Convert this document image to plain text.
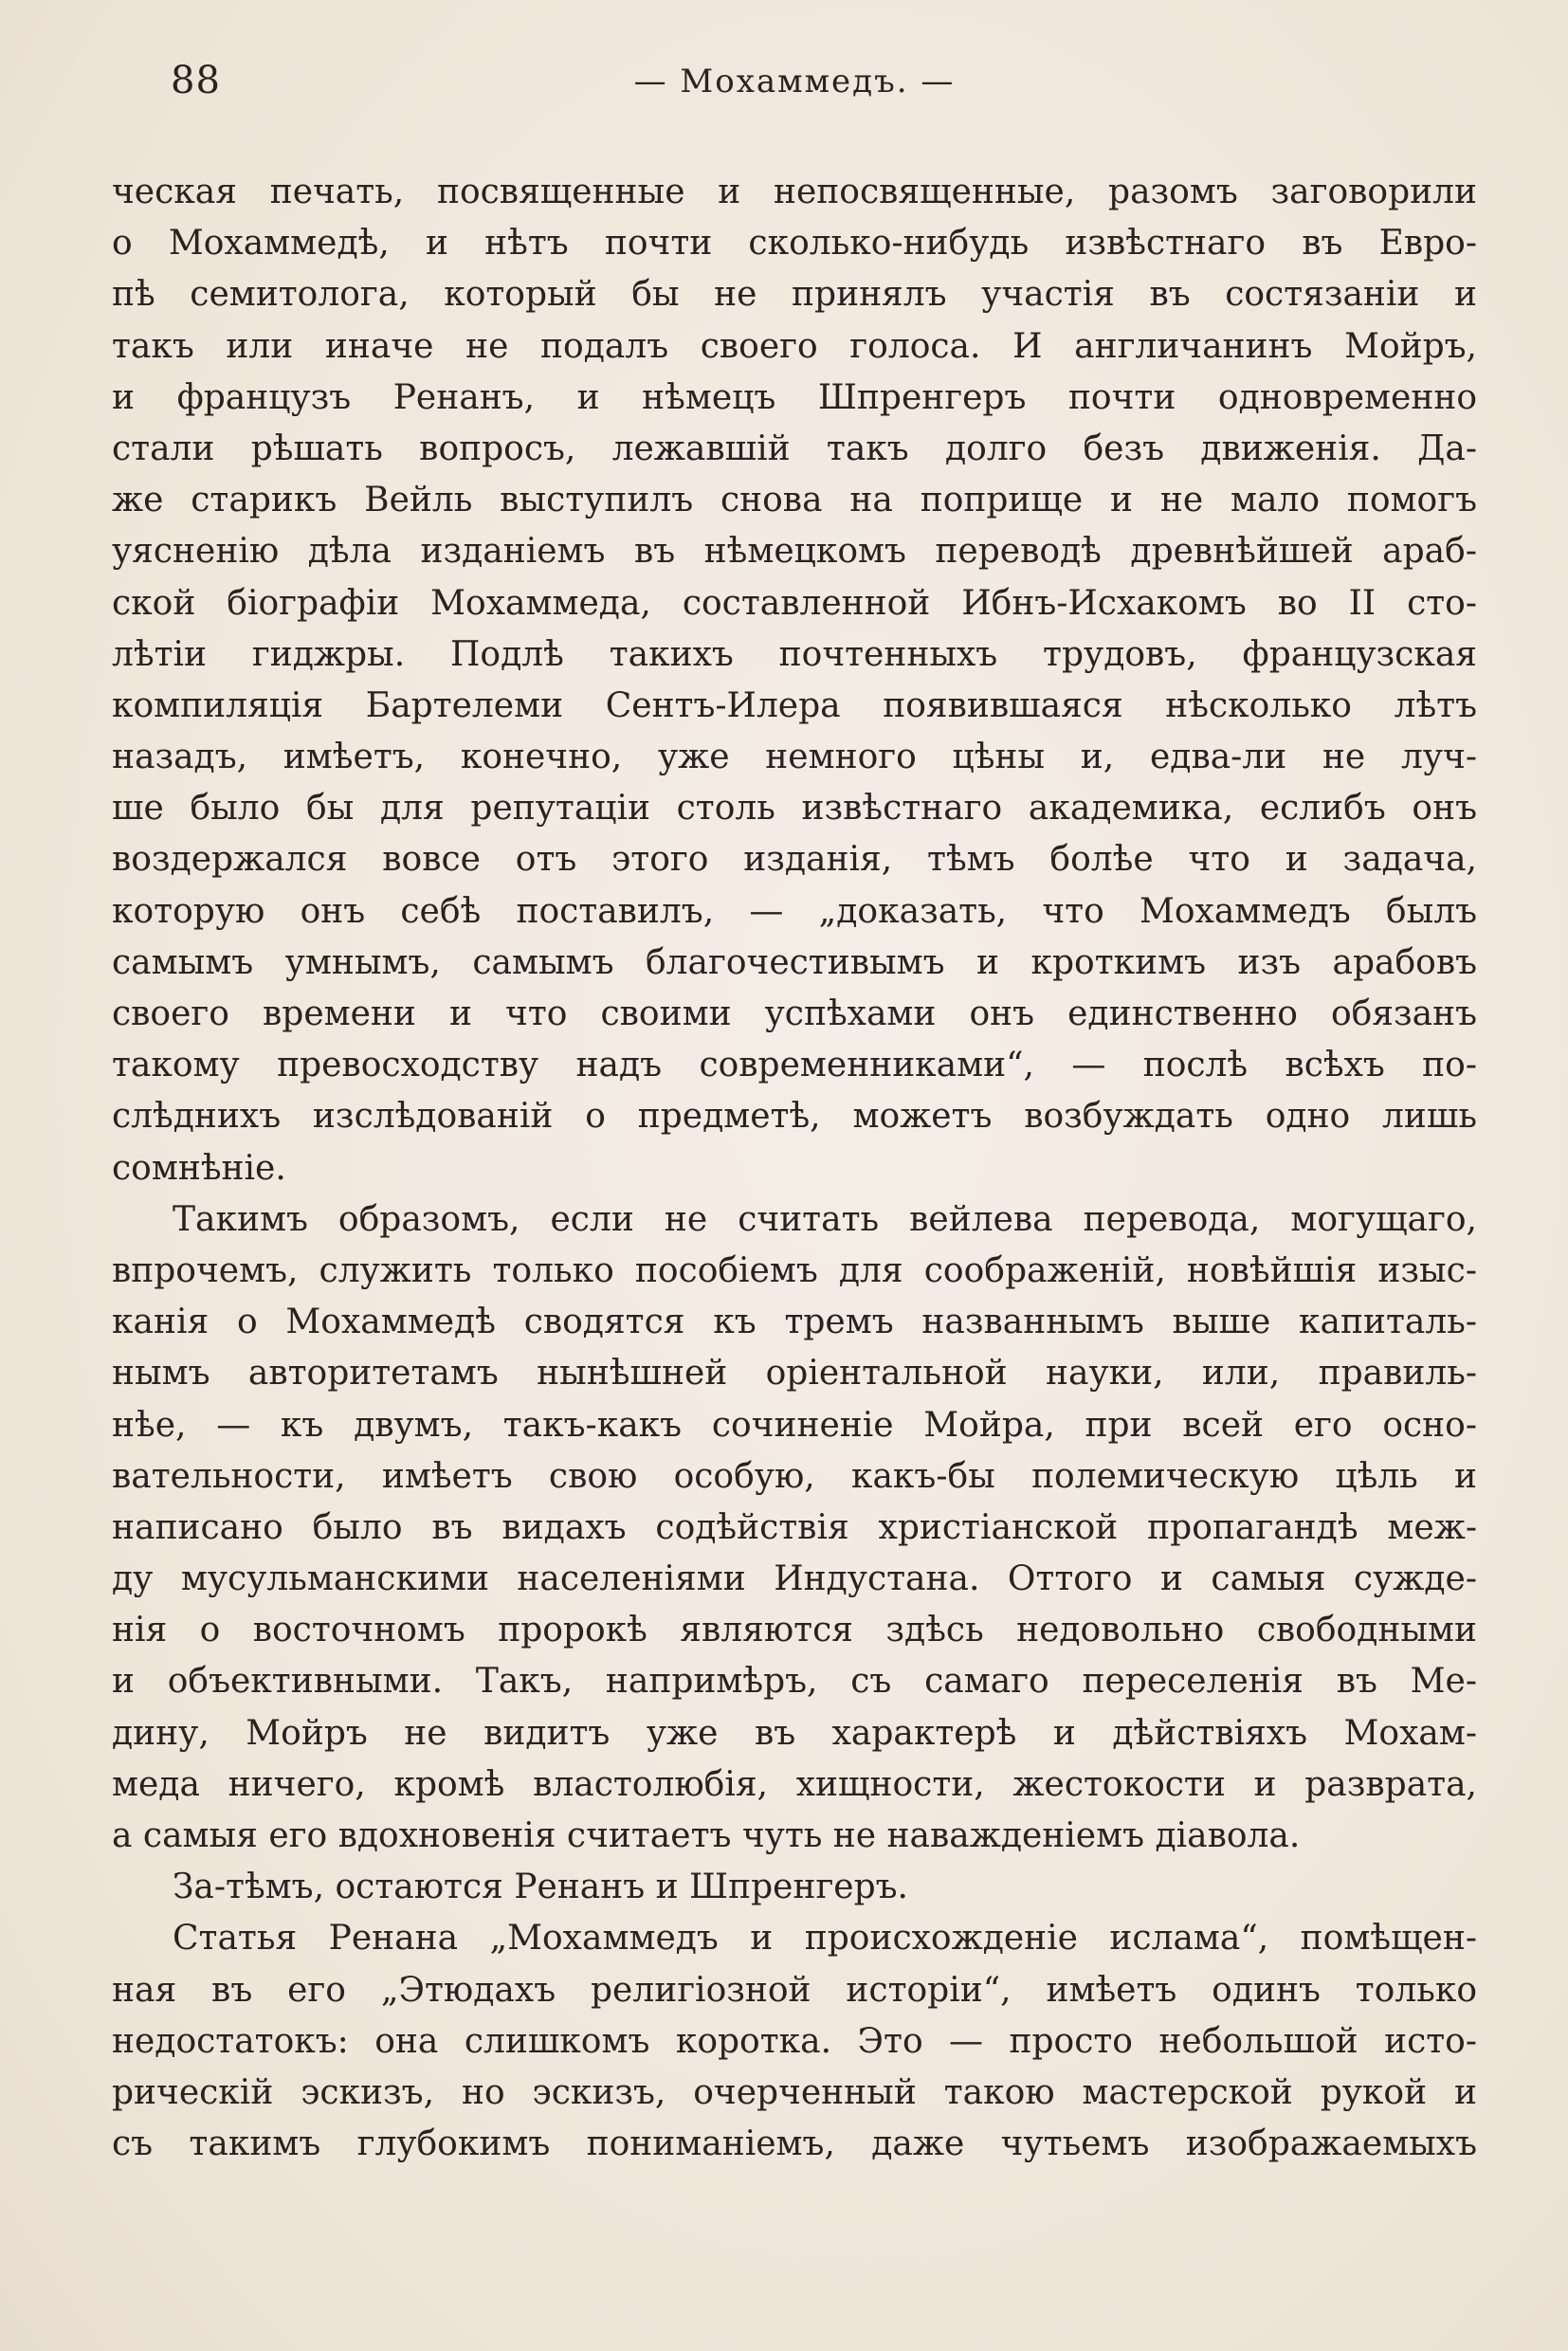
88	— Мохаммедъ. —
ческая печать, посвященные и непосвященные, разомъ заговорили
о Мохаммедѣ, и нѣтъ почти сколько-нибудь извѣстнаго въ Евро-
пѣ семитолога, который бы не принялъ участія въ состязаніи и
такъ или иначе не подалъ своего голоса. И англичанинъ Мойръ,
и французъ Ренанъ, и нѣмецъ Шпренгеръ почти одновременно
стали рѣшать вопросъ, лежавшій такъ долго безъ движенія. Да-
же старикъ Вейль выступилъ снова на поприще и не мало помогъ
уясненію дѣла изданіемъ въ нѣмецкомъ переводѣ древнѣйшей араб-
ской біографіи Мохаммеда, составленной Ибнъ-Исхакомъ во II сто-
лѣтіи гиджры. Подлѣ такихъ почтенныхъ трудовъ, французская
компиляція Бартелеми Сентъ-Илера появившаяся нѣсколько лѣтъ
назадъ, имѣетъ, конечно, уже немного цѣны и, едва-ли не луч-
ше было бы для репутаціи столь извѣстнаго академика, еслибъ онъ
воздержался вовсе отъ этого изданія, тѣмъ болѣе что и задача,
которую онъ себѣ поставилъ, — „доказать, что Мохаммедъ былъ
самымъ умнымъ, самымъ благочестивымъ и кроткимъ изъ арабовъ
своего времени и что своими успѣхами онъ единственно обязанъ
такому превосходству надъ современниками“, — послѣ всѣхъ по-
слѣднихъ изслѣдованій о предметѣ, можетъ возбуждать одно лишь
сомнѣніе.
Такимъ образомъ, если не считать вейлева перевода, могущаго,
впрочемъ, служить только пособіемъ для соображеній, новѣйшія изыс-
канія о Мохаммедѣ сводятся къ тремъ названнымъ выше капиталь-
нымъ авторитетамъ нынѣшней оріентальной науки, или, правиль-
нѣе, — къ двумъ, такъ-какъ сочиненіе Мойра, при всей его осно-
вательности, имѣетъ свою особую, какъ-бы полемическую цѣль и
написано было въ видахъ содѣйствія христіанской пропагандѣ меж-
ду мусульманскими населеніями Индустана. Оттого и самыя сужде-
нія о восточномъ пророкѣ являются здѣсь недовольно свободными
и объективными. Такъ, напримѣръ, съ самаго переселенія въ Ме-
дину, Мойръ не видитъ уже въ характерѣ и дѣйствіяхъ Мохам-
меда ничего, кромѣ властолюбія, хищности, жестокости и разврата,
а самыя его вдохновенія считаетъ чуть не наважденіемъ діавола.
За-тѣмъ, остаются Ренанъ и Шпренгеръ.
Статья Ренана „Мохаммедъ и происхожденіе ислама“, помѣщен-
ная въ его „Этюдахъ религіозной исторіи“, имѣетъ одинъ только
недостатокъ: она слишкомъ коротка. Это — просто небольшой исто-
рическій эскизъ, но эскизъ, очерченный такою мастерской рукой и
съ такимъ глубокимъ пониманіемъ, даже чутьемъ изображаемыхъ
